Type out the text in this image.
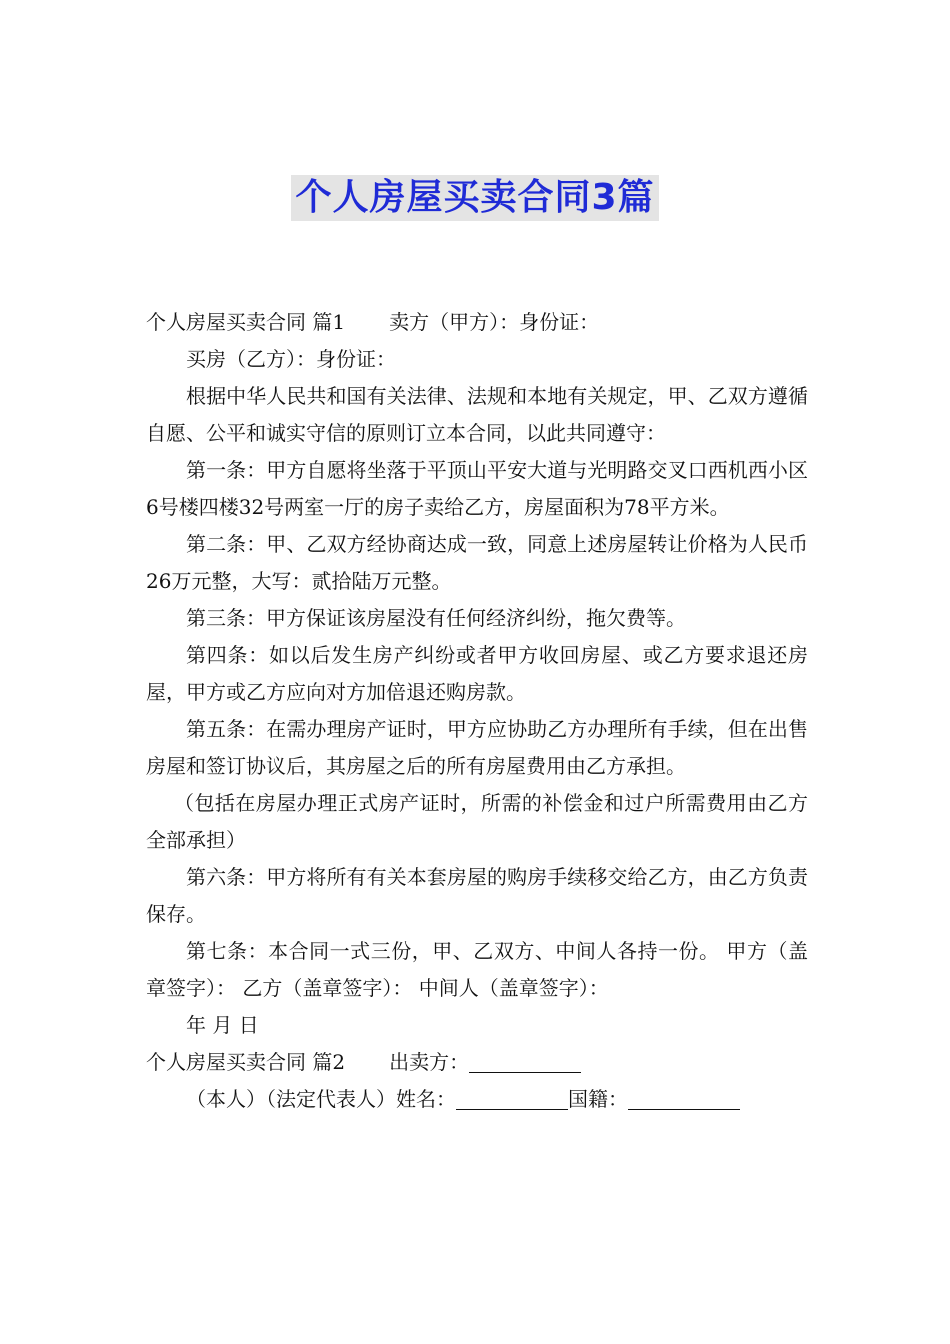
个人房屋买卖合同3篇

个人房屋买卖合同 篇1 卖方（甲方）：身份证：

买房（乙方）：身份证：

根据中华人民共和国有关法律、法规和本地有关规定，甲、乙双方遵循自愿、公平和诚实守信的原则订立本合同，以此共同遵守：

第一条：甲方自愿将坐落于平顶山平安大道与光明路交叉口西机西小区6号楼四楼32号两室一厅的房子卖给乙方，房屋面积为78平方米。

第二条：甲、乙双方经协商达成一致，同意上述房屋转让价格为人民币26万元整，大写：贰拾陆万元整。

第三条：甲方保证该房屋没有任何经济纠纷，拖欠费等。

第四条：如以后发生房产纠纷或者甲方收回房屋、或乙方要求退还房屋，甲方或乙方应向对方加倍退还购房款。

第五条：在需办理房产证时，甲方应协助乙方办理所有手续，但在出售房屋和签订协议后，其房屋之后的所有房屋费用由乙方承担。

（包括在房屋办理正式房产证时，所需的补偿金和过户所需费用由乙方全部承担）

第六条：甲方将所有有关本套房屋的购房手续移交给乙方，由乙方负责保存。

第七条：本合同一式三份，甲、乙双方、中间人各持一份。 甲方（盖章签字）： 乙方（盖章签字）： 中间人（盖章签字）：

年 月 日

个人房屋买卖合同 篇2 出卖方：

（本人）（法定代表人）姓名：	国籍：
